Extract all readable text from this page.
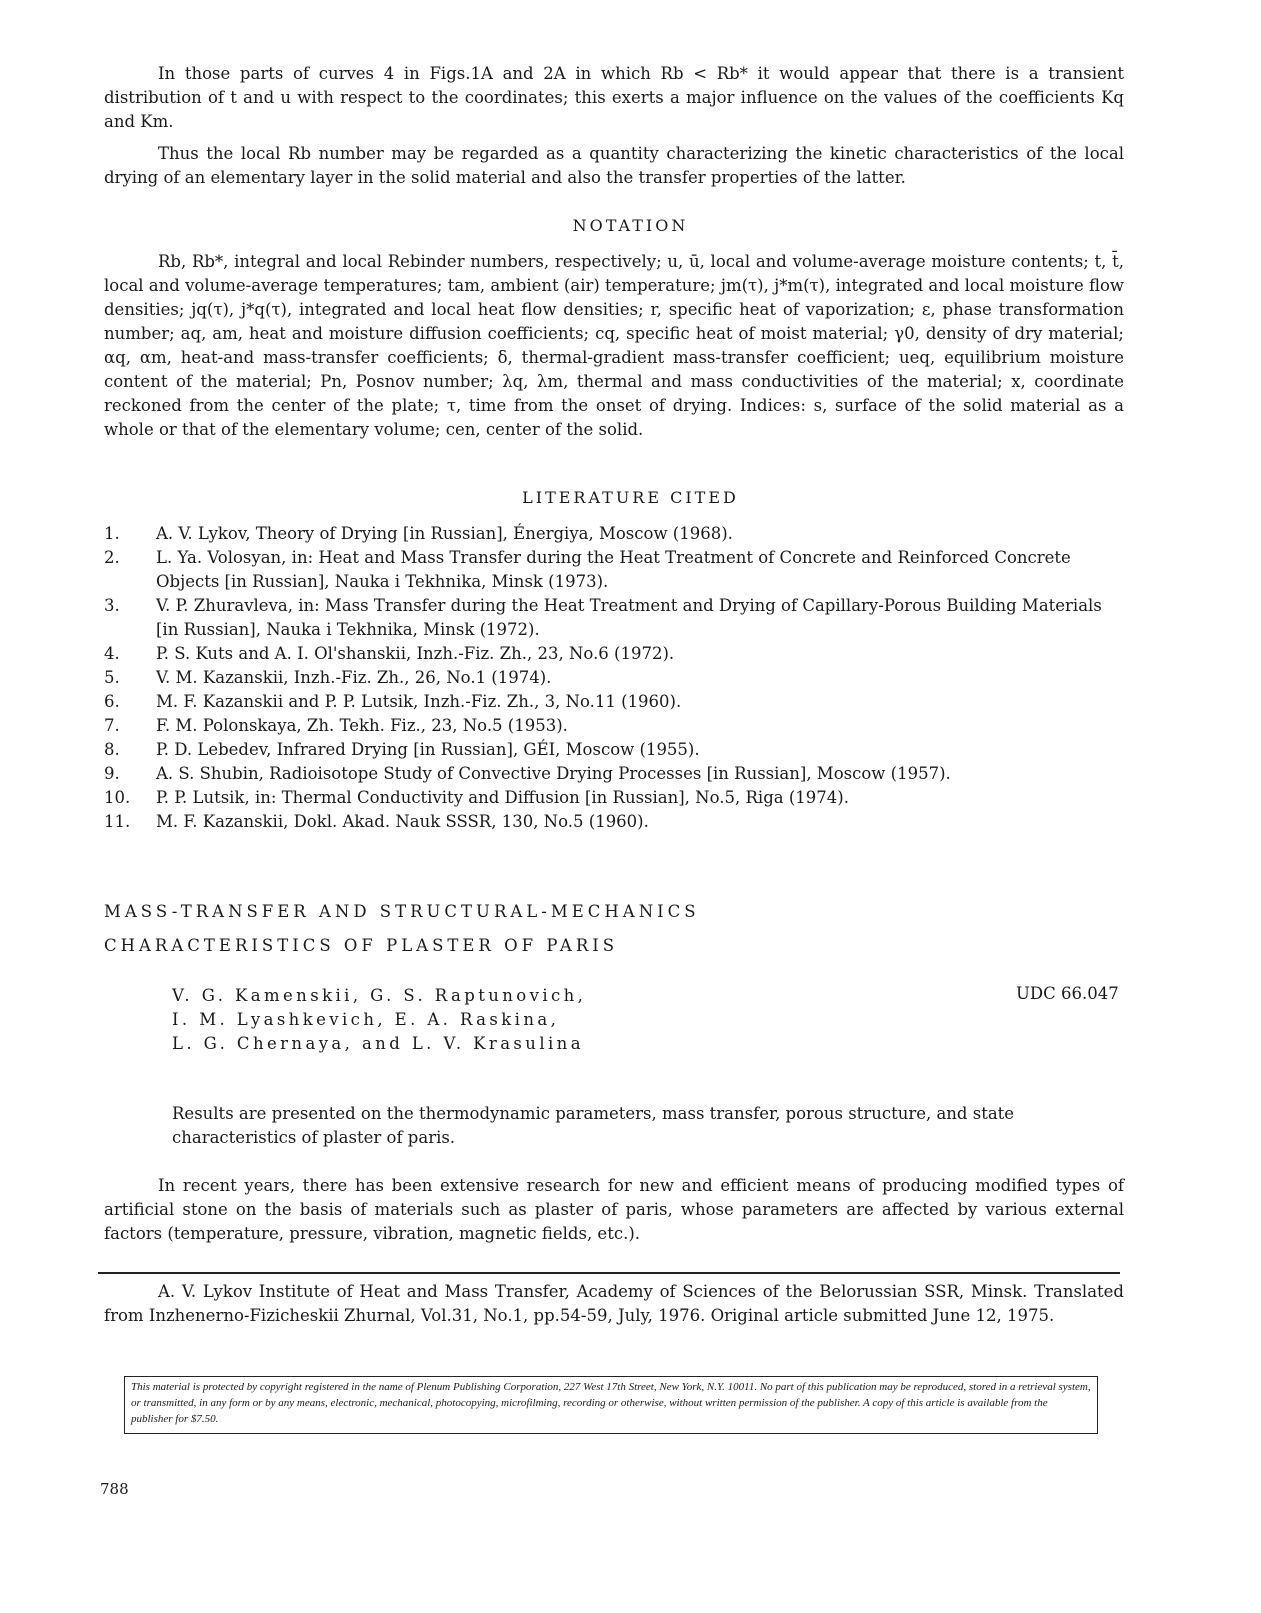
In those parts of curves 4 in Figs.1A and 2A in which Rb < Rb* it would appear that there is a transient distribution of t and u with respect to the coordinates; this exerts a major influence on the values of the coefficients Kq and Km.

Thus the local Rb number may be regarded as a quantity characterizing the kinetic characteristics of the local drying of an elementary layer in the solid material and also the transfer properties of the latter.

NOTATION

Rb, Rb*, integral and local Rebinder numbers, respectively; u, ū, local and volume-average moisture contents; t, t̄, local and volume-average temperatures; tam, ambient (air) temperature; jm(τ), j*m(τ), integrated and local moisture flow densities; jq(τ), j*q(τ), integrated and local heat flow densities; r, specific heat of vaporization; ε, phase transformation number; aq, am, heat and moisture diffusion coefficients; cq, specific heat of moist material; γ0, density of dry material; αq, αm, heat-and mass-transfer coefficients; δ, thermal-gradient mass-transfer coefficient; ueq, equilibrium moisture content of the material; Pn, Posnov number; λq, λm, thermal and mass conductivities of the material; x, coordinate reckoned from the center of the plate; τ, time from the onset of drying. Indices: s, surface of the solid material as a whole or that of the elementary volume; cen, center of the solid.

LITERATURE CITED
1.	A. V. Lykov, Theory of Drying [in Russian], Énergiya, Moscow (1968).
2.	L. Ya. Volosyan, in: Heat and Mass Transfer during the Heat Treatment of Concrete and Reinforced Concrete Objects [in Russian], Nauka i Tekhnika, Minsk (1973).
3.	V. P. Zhuravleva, in: Mass Transfer during the Heat Treatment and Drying of Capillary-Porous Building Materials [in Russian], Nauka i Tekhnika, Minsk (1972).
4.	P. S. Kuts and A. I. Ol'shanskii, Inzh.-Fiz. Zh., 23, No.6 (1972).
5.	V. M. Kazanskii, Inzh.-Fiz. Zh., 26, No.1 (1974).
6.	M. F. Kazanskii and P. P. Lutsik, Inzh.-Fiz. Zh., 3, No.11 (1960).
7.	F. M. Polonskaya, Zh. Tekh. Fiz., 23, No.5 (1953).
8.	P. D. Lebedev, Infrared Drying [in Russian], GÉI, Moscow (1955).
9.	A. S. Shubin, Radioisotope Study of Convective Drying Processes [in Russian], Moscow (1957).
10.	P. P. Lutsik, in: Thermal Conductivity and Diffusion [in Russian], No.5, Riga (1974).
11.	M. F. Kazanskii, Dokl. Akad. Nauk SSSR, 130, No.5 (1960).
MASS-TRANSFER AND STRUCTURAL-MECHANICS
CHARACTERISTICS OF PLASTER OF PARIS
V. G. Kamenskii, G. S. Raptunovich,
I. M. Lyashkevich, E. A. Raskina,
L. G. Chernaya, and L. V. Krasulina
UDC 66.047
Results are presented on the thermodynamic parameters, mass transfer, porous structure, and state characteristics of plaster of paris.

In recent years, there has been extensive research for new and efficient means of producing modified types of artificial stone on the basis of materials such as plaster of paris, whose parameters are affected by various external factors (temperature, pressure, vibration, magnetic fields, etc.).

A. V. Lykov Institute of Heat and Mass Transfer, Academy of Sciences of the Belorussian SSR, Minsk. Translated from Inzhenerno-Fizicheskii Zhurnal, Vol.31, No.1, pp.54-59, July, 1976. Original article submitted June 12, 1975.
This material is protected by copyright registered in the name of Plenum Publishing Corporation, 227 West 17th Street, New York, N.Y. 10011. No part of this publication may be reproduced, stored in a retrieval system, or transmitted, in any form or by any means, electronic, mechanical, photocopying, microfilming, recording or otherwise, without written permission of the publisher. A copy of this article is available from the publisher for $7.50.
788
